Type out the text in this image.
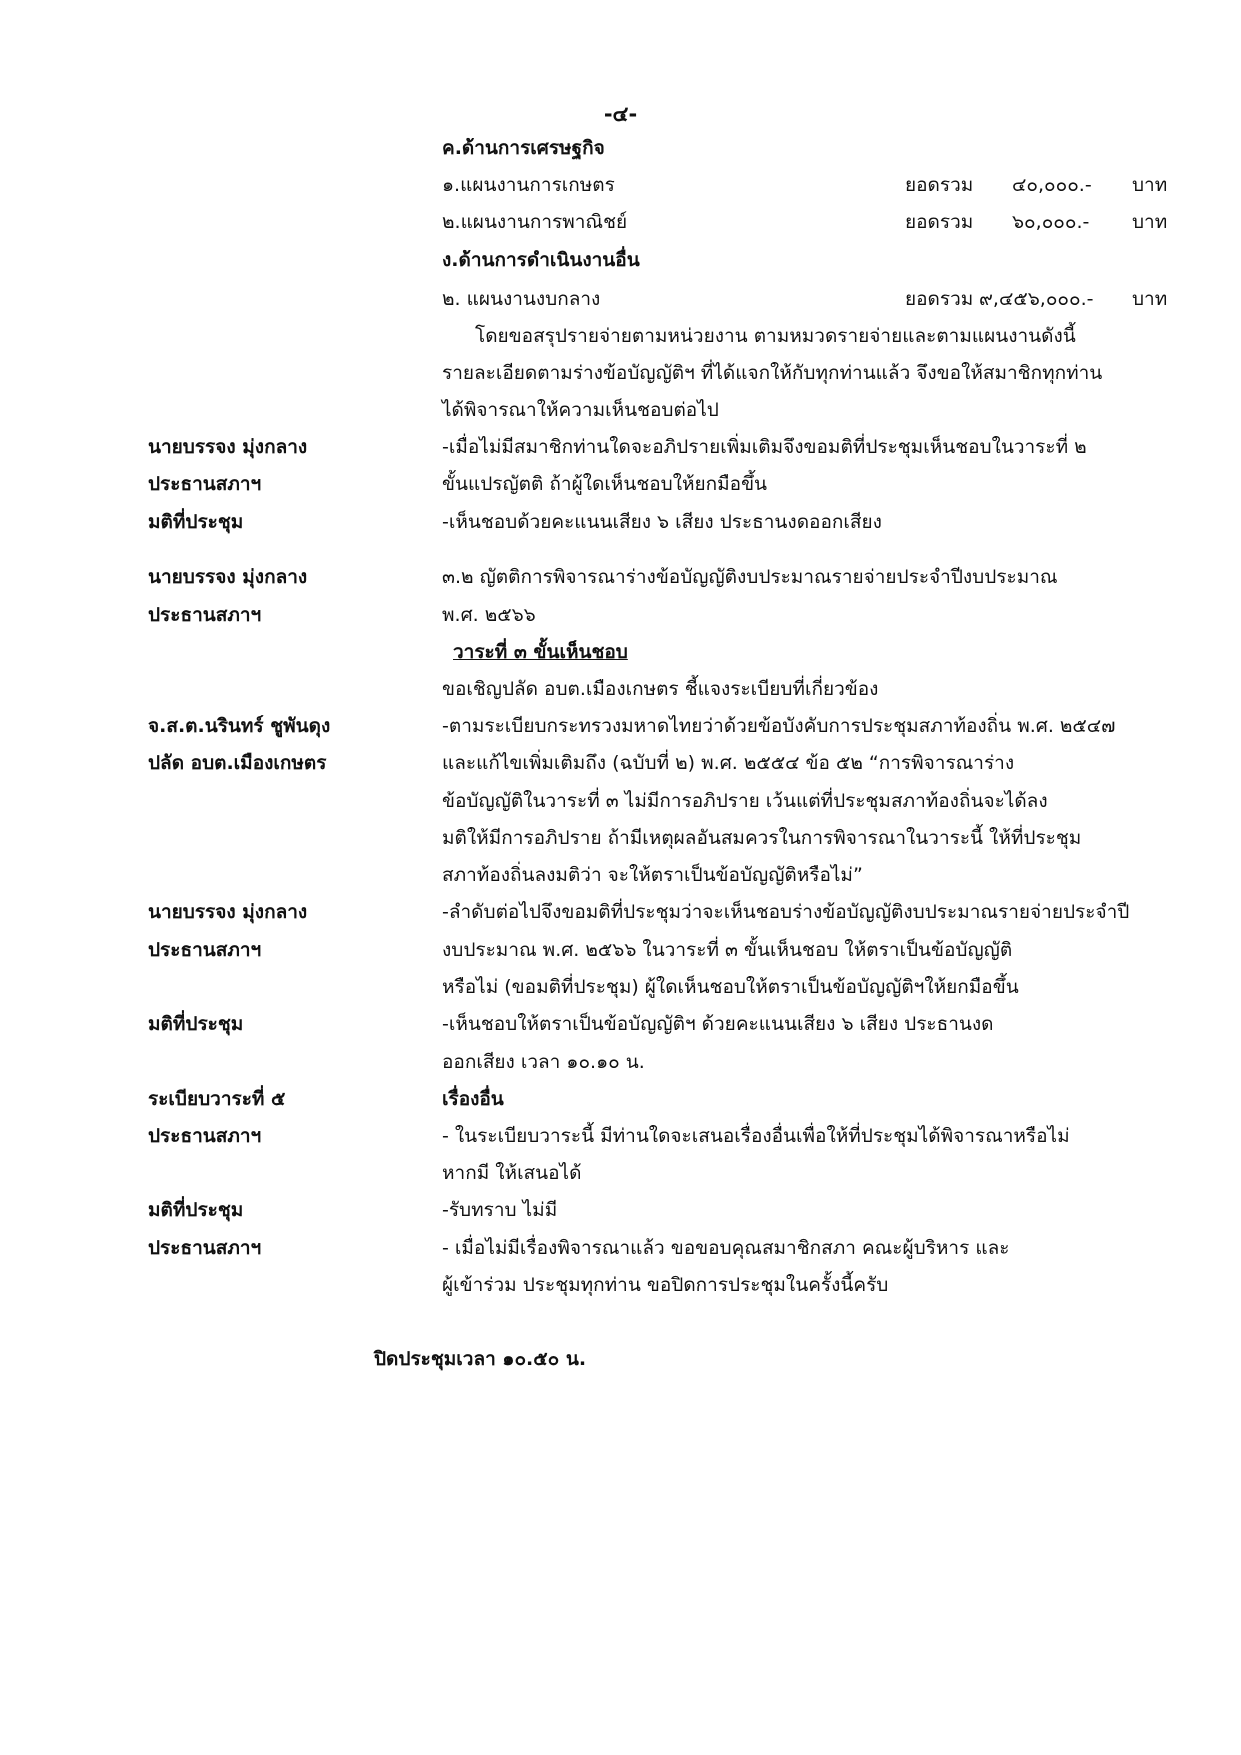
-๔-
ค.ด้านการเศรษฐกิจ
๑.แผนงานการเกษตร	ยอดรวม ๔๐,๐๐๐.- บาท
๒.แผนงานการพาณิชย์	ยอดรวม ๖๐,๐๐๐.- บาท
ง.ด้านการดำเนินงานอื่น
๒. แผนงานงบกลาง	ยอดรวม ๙,๔๕๖,๐๐๐.- บาท
โดยขอสรุปรายจ่ายตามหน่วยงาน ตามหมวดรายจ่ายและตามแผนงานดังนี้
รายละเอียดตามร่างข้อบัญญัติฯ ที่ได้แจกให้กับทุกท่านแล้ว จึงขอให้สมาชิกทุกท่าน
ได้พิจารณาให้ความเห็นชอบต่อไป
นายบรรจง มุ่งกลาง	-เมื่อไม่มีสมาชิกท่านใดจะอภิปรายเพิ่มเติมจึงขอมติที่ประชุมเห็นชอบในวาระที่ ๒
ประธานสภาฯ	ขั้นแปรญัตติ ถ้าผู้ใดเห็นชอบให้ยกมือขึ้น
มติที่ประชุม	-เห็นชอบด้วยคะแนนเสียง ๖ เสียง ประธานงดออกเสียง
นายบรรจง มุ่งกลาง	๓.๒ ญัตติการพิจารณาร่างข้อบัญญัติงบประมาณรายจ่ายประจำปีงบประมาณ
ประธานสภาฯ	พ.ศ. ๒๕๖๖
วาระที่ ๓ ขั้นเห็นชอบ
ขอเชิญปลัด อบต.เมืองเกษตร ชี้แจงระเบียบที่เกี่ยวข้อง
จ.ส.ต.นรินทร์ ชูพันดุง	-ตามระเบียบกระทรวงมหาดไทยว่าด้วยข้อบังคับการประชุมสภาท้องถิ่น พ.ศ. ๒๕๔๗
ปลัด อบต.เมืองเกษตร	และแก้ไขเพิ่มเติมถึง (ฉบับที่ ๒) พ.ศ. ๒๕๕๔ ข้อ ๕๒ “การพิจารณาร่าง
ข้อบัญญัติในวาระที่ ๓ ไม่มีการอภิปราย เว้นแต่ที่ประชุมสภาท้องถิ่นจะได้ลง
มติให้มีการอภิปราย ถ้ามีเหตุผลอันสมควรในการพิจารณาในวาระนี้ ให้ที่ประชุม
สภาท้องถิ่นลงมติว่า จะให้ตราเป็นข้อบัญญัติหรือไม่”
นายบรรจง มุ่งกลาง	-ลำดับต่อไปจึงขอมติที่ประชุมว่าจะเห็นชอบร่างข้อบัญญัติงบประมาณรายจ่ายประจำปี
ประธานสภาฯ	งบประมาณ พ.ศ. ๒๕๖๖ ในวาระที่ ๓ ขั้นเห็นชอบ ให้ตราเป็นข้อบัญญัติ
หรือไม่ (ขอมติที่ประชุม) ผู้ใดเห็นชอบให้ตราเป็นข้อบัญญัติฯให้ยกมือขึ้น
มติที่ประชุม	-เห็นชอบให้ตราเป็นข้อบัญญัติฯ ด้วยคะแนนเสียง ๖ เสียง ประธานงด
ออกเสียง เวลา ๑๐.๑๐ น.
ระเบียบวาระที่ ๕	เรื่องอื่น
ประธานสภาฯ	- ในระเบียบวาระนี้ มีท่านใดจะเสนอเรื่องอื่นเพื่อให้ที่ประชุมได้พิจารณาหรือไม่
หากมี ให้เสนอได้
มติที่ประชุม	-รับทราบ ไม่มี
ประธานสภาฯ	- เมื่อไม่มีเรื่องพิจารณาแล้ว ขอขอบคุณสมาชิกสภา คณะผู้บริหาร และ
ผู้เข้าร่วม ประชุมทุกท่าน ขอปิดการประชุมในครั้งนี้ครับ
ปิดประชุมเวลา ๑๐.๕๐ น.
